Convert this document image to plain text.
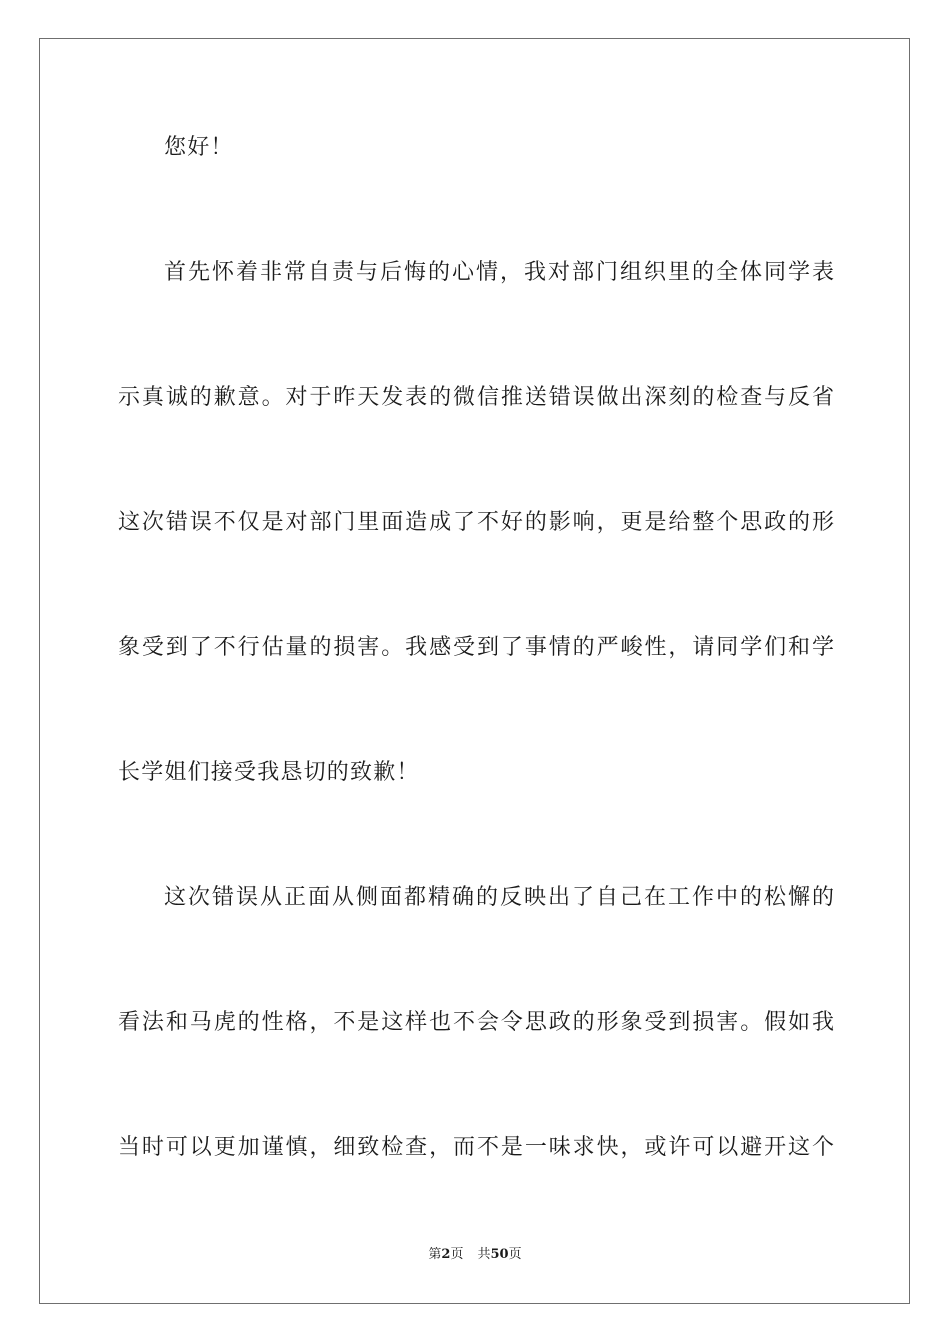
您好！

首先怀着非常自责与后悔的心情，我对部门组织里的全体同学表

示真诚的歉意。对于昨天发表的微信推送错误做出深刻的检查与反省

这次错误不仅是对部门里面造成了不好的影响，更是给整个思政的形

象受到了不行估量的损害。我感受到了事情的严峻性，请同学们和学

长学姐们接受我恳切的致歉！

这次错误从正面从侧面都精确的反映出了自己在工作中的松懈的

看法和马虎的性格，不是这样也不会令思政的形象受到损害。假如我

当时可以更加谨慎，细致检查，而不是一味求快，或许可以避开这个

第2页 共50页
